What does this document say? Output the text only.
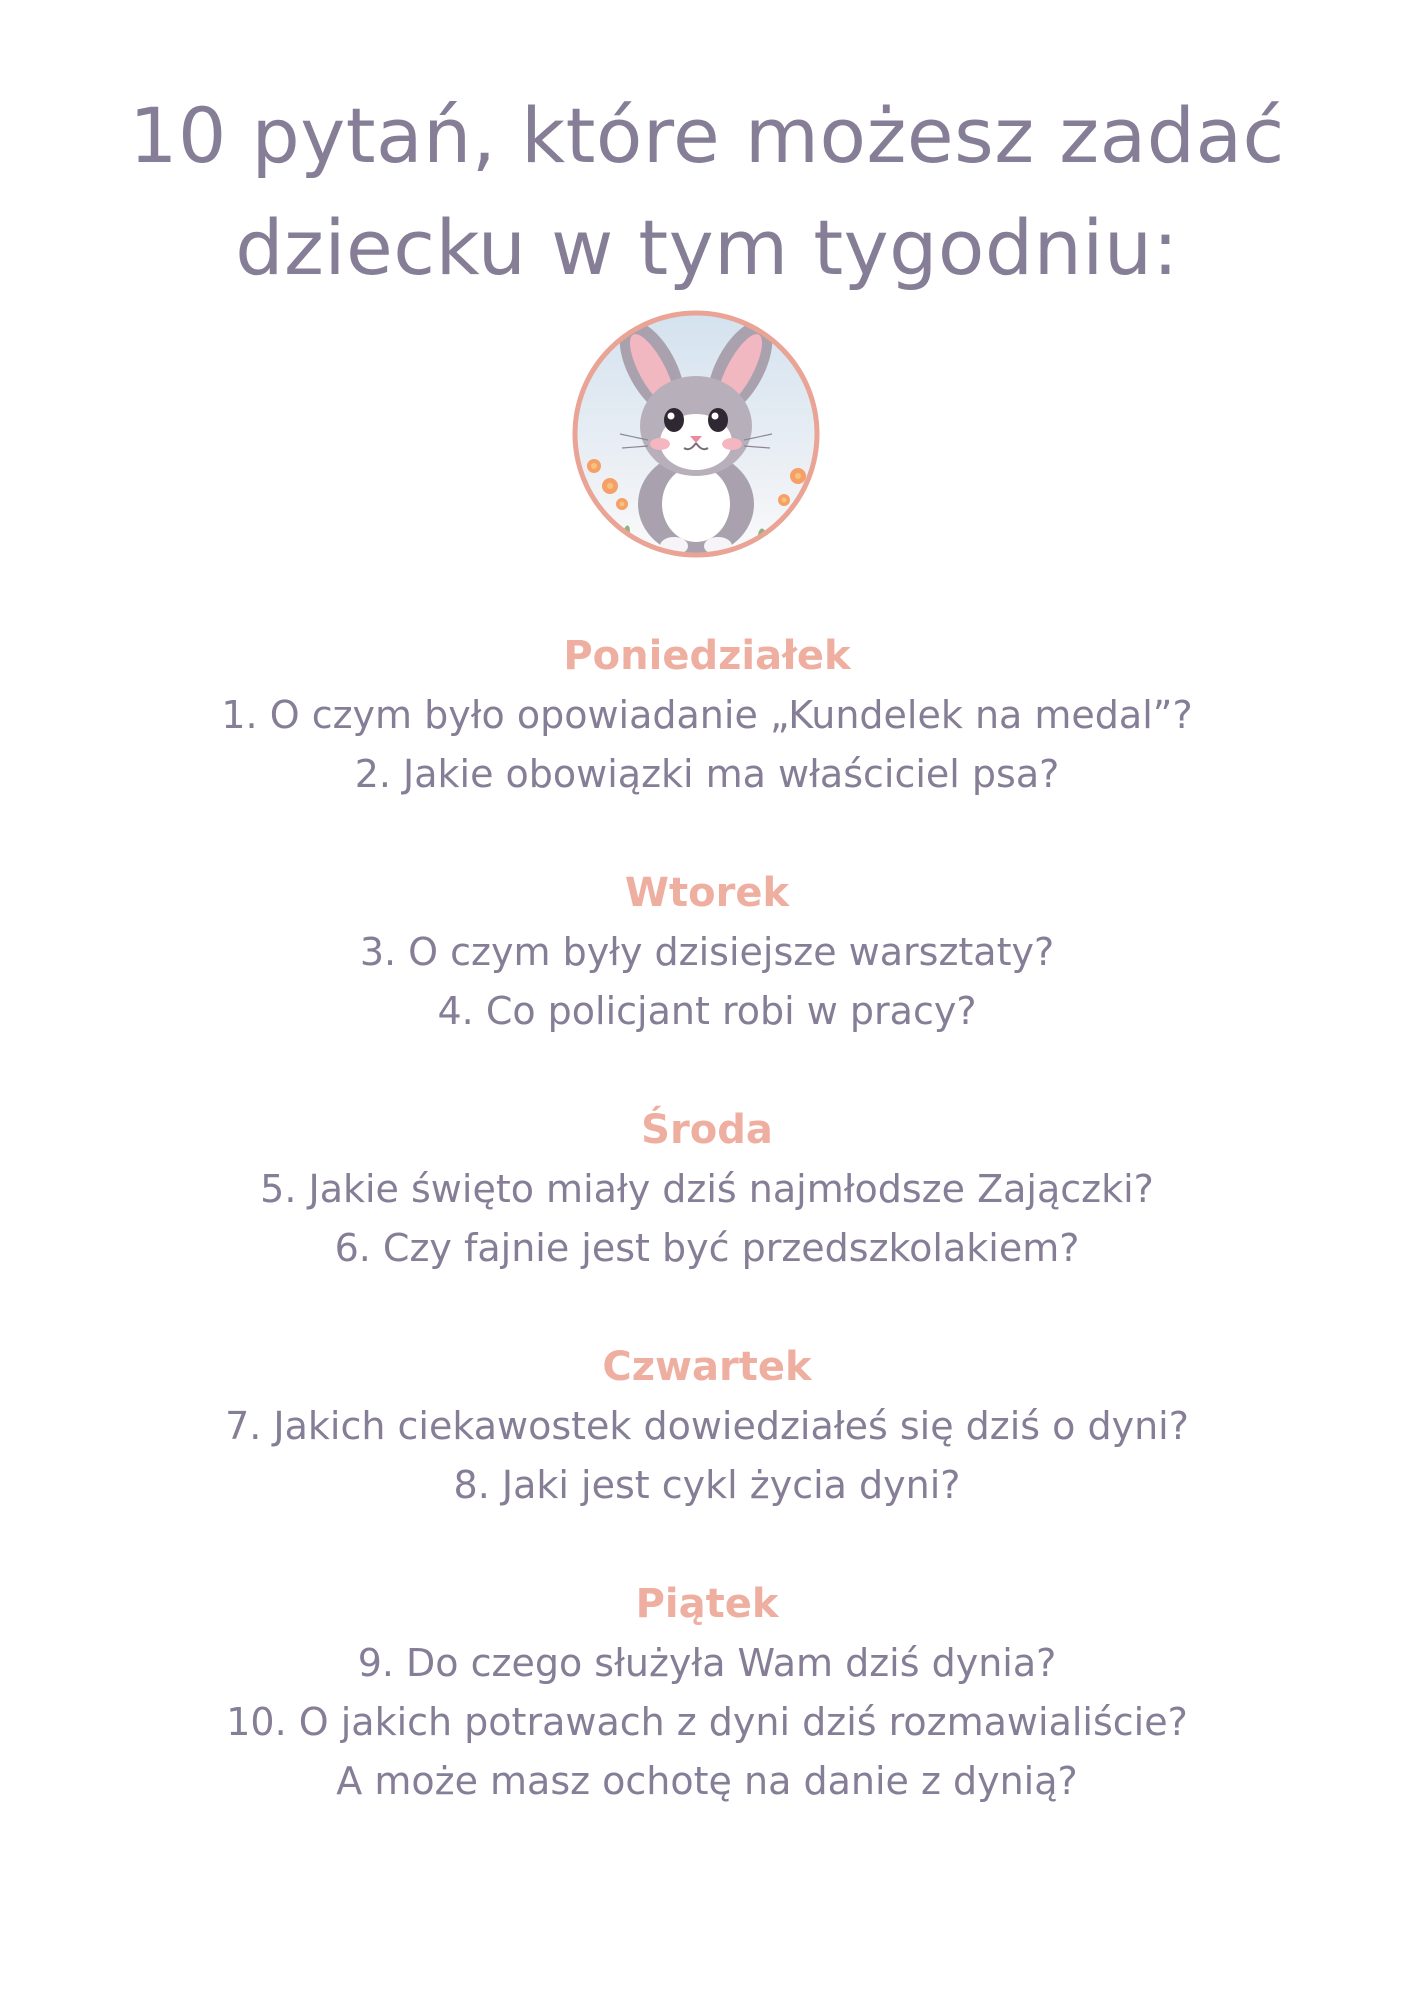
10 pytań, które możesz zadać
dziecku w tym tygodniu:
Poniedziałek
1. O czym było opowiadanie „Kundelek na medal”?
2. Jakie obowiązki ma właściciel psa?
Wtorek
3. O czym były dzisiejsze warsztaty?
4. Co policjant robi w pracy?
Środa
5. Jakie święto miały dziś najmłodsze Zajączki?
6. Czy fajnie jest być przedszkolakiem?
Czwartek
7. Jakich ciekawostek dowiedziałeś się dziś o dyni?
8. Jaki jest cykl życia dyni?
Piątek
9. Do czego służyła Wam dziś dynia?
10. O jakich potrawach z dyni dziś rozmawialiście?
A może masz ochotę na danie z dynią?
